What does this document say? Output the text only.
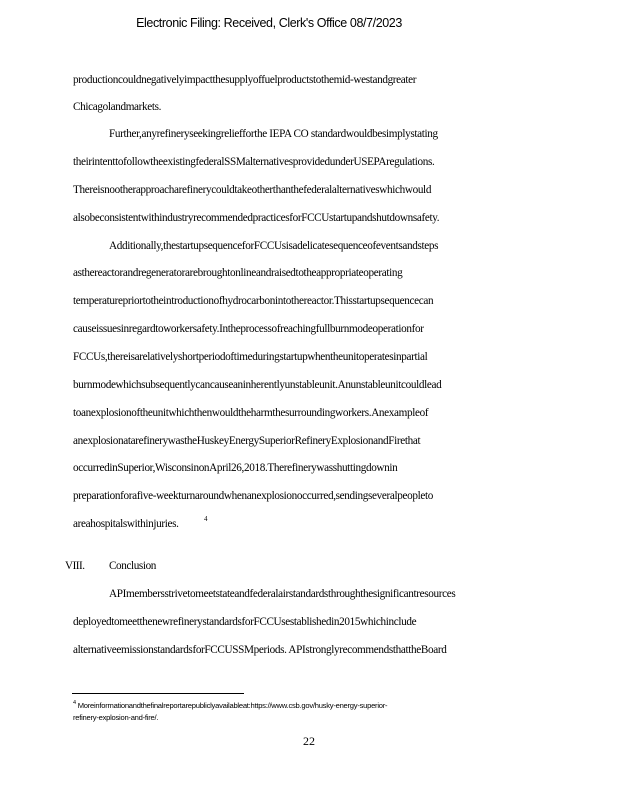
Electronic Filing: Received, Clerk's Office 08/7/2023
productioncouldnegativelyimpactthesupplyoffuelproductstothemid-westandgreater
Chicagolandmarkets.
Further,anyrefineryseekingreliefforthe IEPA CO standardwouldbesimplystating
theirintenttofollowtheexistingfederalSSMalternativesprovidedunderUSEPAregulations.
Thereisnootherapproacharefinerycouldtakeotherthanthefederalalternativeswhichwould
alsobeconsistentwithindustryrecommendedpracticesforFCCUstartupandshutdownsafety.
Additionally,thestartupsequenceforFCCUsisadelicatesequenceofeventsandsteps
asthereactorandregeneratorarebroughtonlineandraisedtotheappropriateoperating
temperaturepriortotheintroductionofhydrocarbonintothereactor.Thisstartupsequencecan
causeissuesinregardtoworkersafety.Intheprocessofreachingfullburnmodeoperationfor
FCCUs,thereisarelativelyshortperiodoftimeduringstartupwhentheunitoperatesinpartial
burnmodewhichsubsequentlycancauseaninherentlyunstableunit.Anunstableunitcouldlead
toanexplosionoftheunitwhichthenwouldtheharmthesurroundingworkers.Anexampleof
anexplosionatarefinerywastheHuskeyEnergySuperiorRefineryExplosionandFirethat
occurredinSuperior,WisconsinonApril26,2018.Therefinerywasshuttingdownin
preparationforafive-weekturnaroundwhenanexplosionoccurred,sendingseveralpeopleto
areahospitalswithinjuries.	4
VIII. Conclusion
APImembersstrivetomeetstateandfederalairstandardsthroughthesignificantresources
deployedtomeetthenewrefinerystandardsforFCCUsestablishedin2015whichinclude
alternativeemissionstandardsforFCCUSSMperiods. APIstronglyrecommendsthattheBoard
$^4$ Moreinformationandthefinalreportarepubliclyavailableat:https://www.csb.gov/husky-energy-superior-
refinery-explosion-and-fire/.
22
